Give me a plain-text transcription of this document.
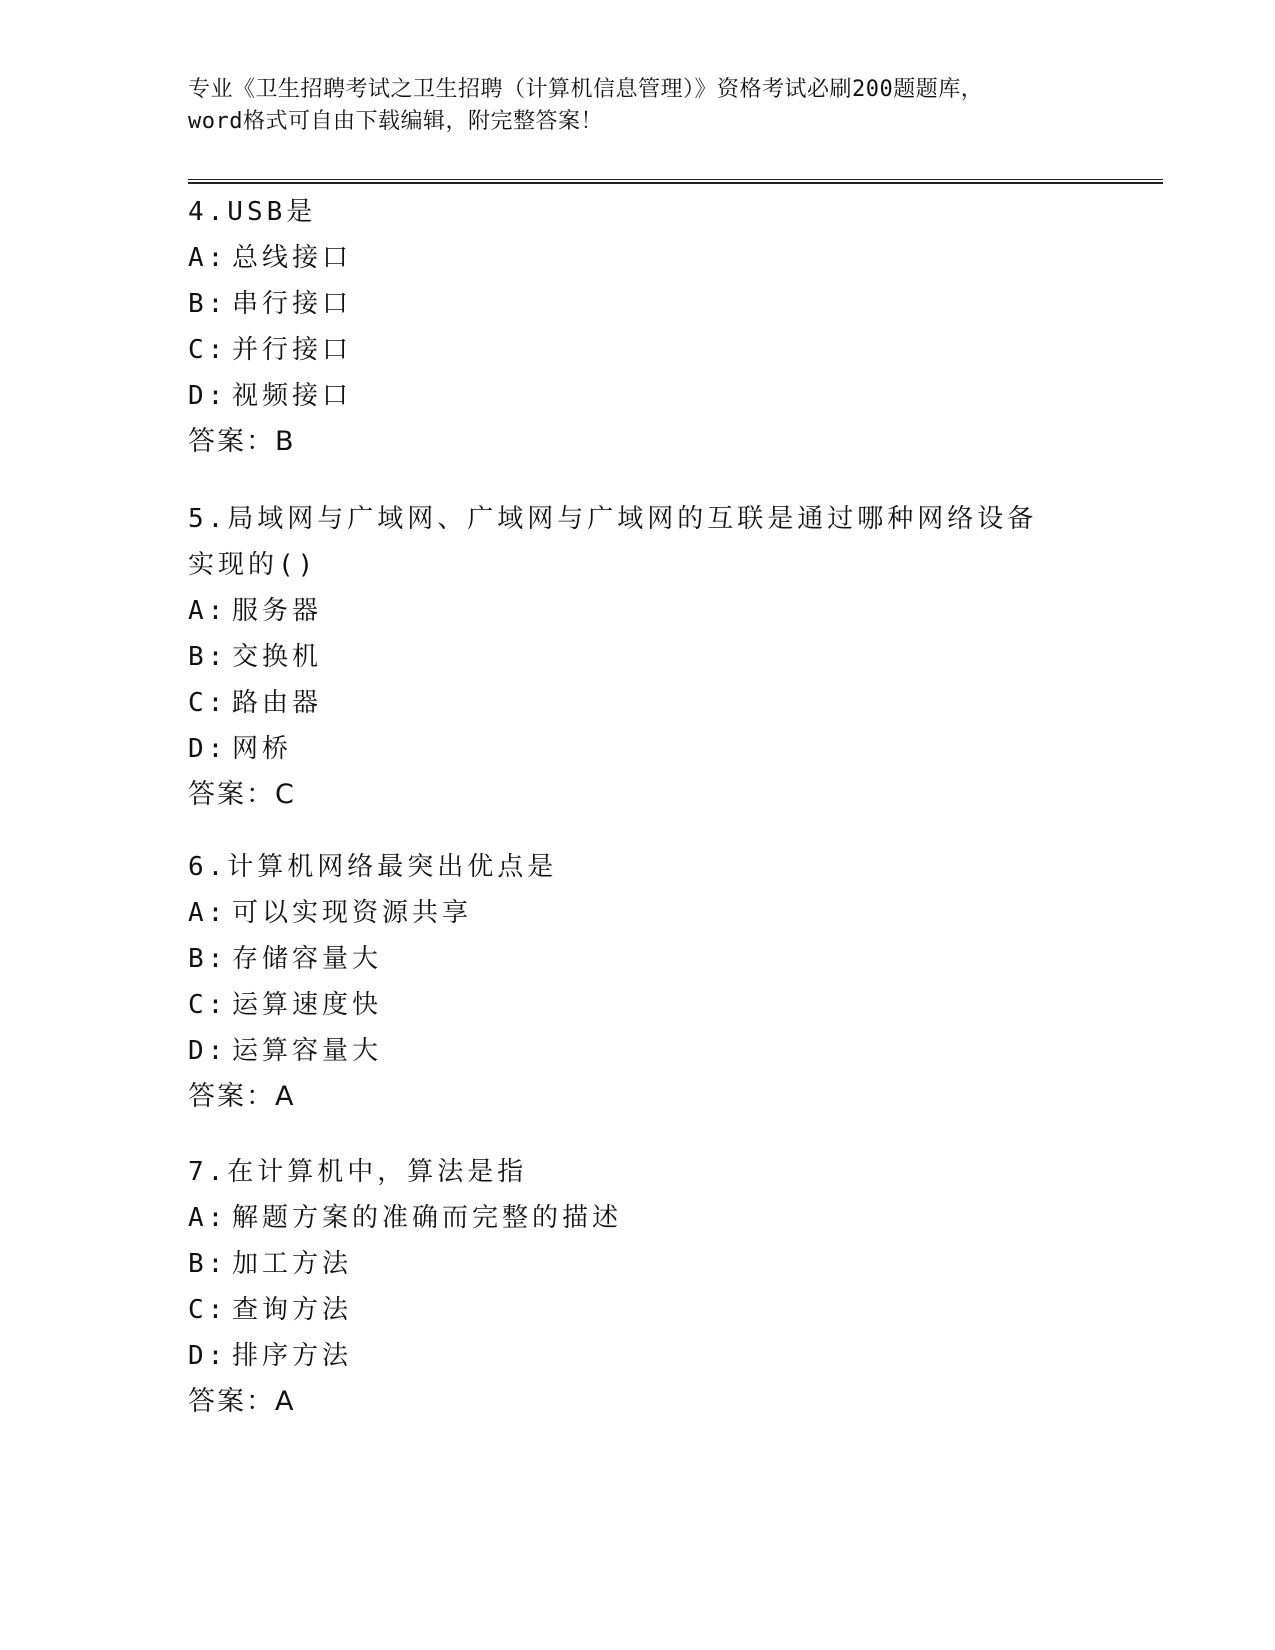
专业《卫生招聘考试之卫生招聘（计算机信息管理）》资格考试必刷200题题库，
word格式可自由下载编辑，附完整答案！
4.USB是
A: 总线接口
B: 串行接口
C: 并行接口
D: 视频接口
答案：B
5.局域网与广域网、广域网与广域网的互联是通过哪种网络设备实现的()
A: 服务器
B: 交换机
C: 路由器
D: 网桥
答案：C
6.计算机网络最突出优点是
A: 可以实现资源共享
B: 存储容量大
C: 运算速度快
D: 运算容量大
答案：A
7.在计算机中，算法是指
A: 解题方案的准确而完整的描述
B: 加工方法
C: 查询方法
D: 排序方法
答案：A
